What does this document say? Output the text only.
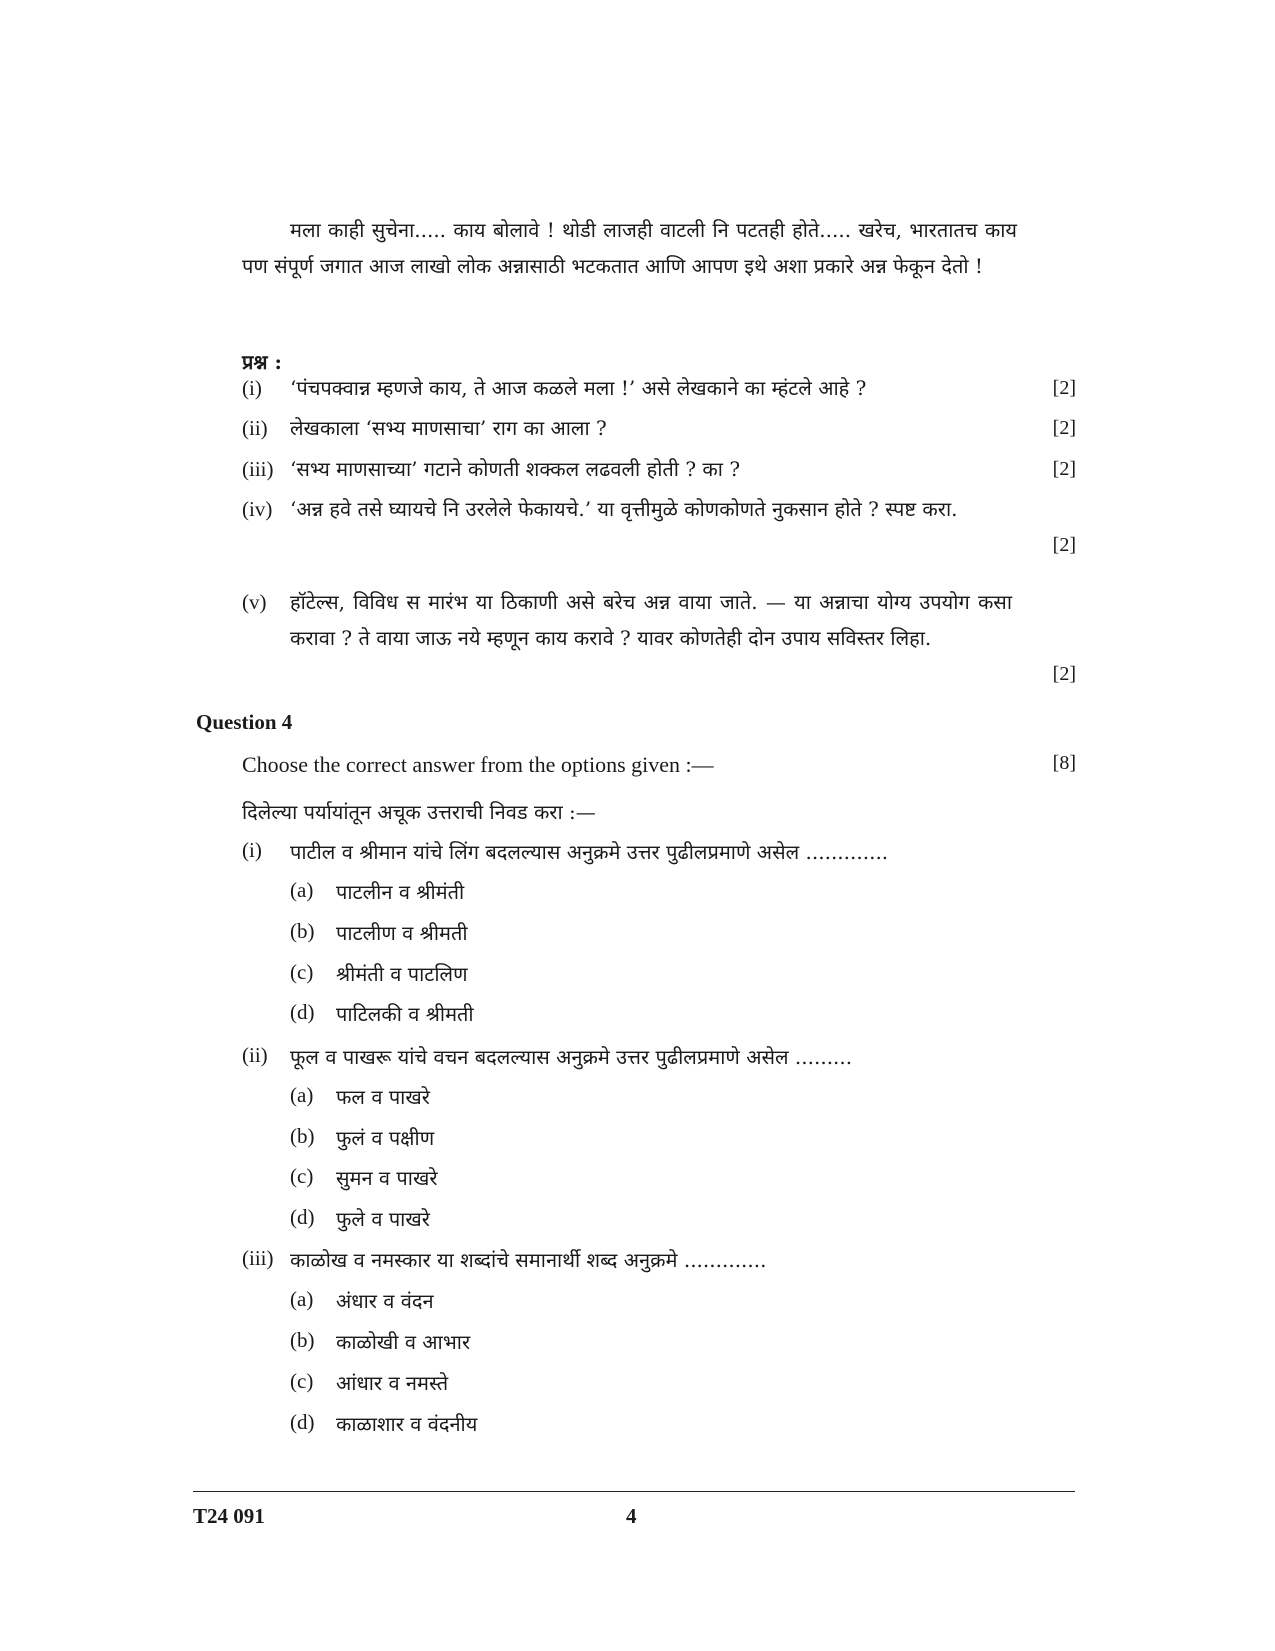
मला काही सुचेना..... काय बोलावे ! थोडी लाजही वाटली नि पटतही होते..... खरेच, भारतातच काय पण संपूर्ण जगात आज लाखो लोक अन्नासाठी भटकतात आणि आपण इथे अशा प्रकारे अन्न फेकून देतो !

प्रश्न :
(i)	‘पंचपक्वान्न म्हणजे काय, ते आज कळले मला !’ असे लेखकाने का म्हंटले आहे ?	[2]
(ii)	लेखकाला ‘सभ्य माणसाचा’ राग का आला ?	[2]
(iii) ‘सभ्य माणसाच्या’ गटाने कोणती शक्कल लढवली होती ? का ?	[2]
(iv) ‘अन्न हवे तसे घ्यायचे नि उरलेले फेकायचे.’ या वृत्तीमुळे कोणकोणते नुकसान होते ? स्पष्ट करा.
[2]
(v)	हॉटेल्स, विविध स मारंभ या ठिकाणी असे बरेच अन्न वाया जाते. — या अन्नाचा योग्य उपयोग कसा करावा ? ते वाया जाऊ नये म्हणून काय करावे ? यावर कोणतेही दोन उपाय सविस्तर लिहा.
[2]
Question 4
Choose the correct answer from the options given :—	[8]
दिलेल्या पर्यायांतून अचूक उत्तराची निवड करा :—
(i) पाटील व श्रीमान यांचे लिंग बदलल्यास अनुक्रमे उत्तर पुढीलप्रमाणे असेल .............
(a) पाटलीन व श्रीमंती
(b) पाटलीण व श्रीमती
(c) श्रीमंती व पाटलिण
(d) पाटिलकी व श्रीमती
(ii) फूल व पाखरू यांचे वचन बदलल्यास अनुक्रमे उत्तर पुढीलप्रमाणे असेल .........
(a) फल व पाखरे
(b) फुलं व पक्षीण
(c) सुमन व पाखरे
(d) फुले व पाखरे
(iii) काळोख व नमस्कार या शब्दांचे समानार्थी शब्द अनुक्रमे .............
(a) अंधार व वंदन
(b) काळोखी व आभार
(c) आंधार व नमस्ते
(d) काळाशार व वंदनीय
T24 091	4
